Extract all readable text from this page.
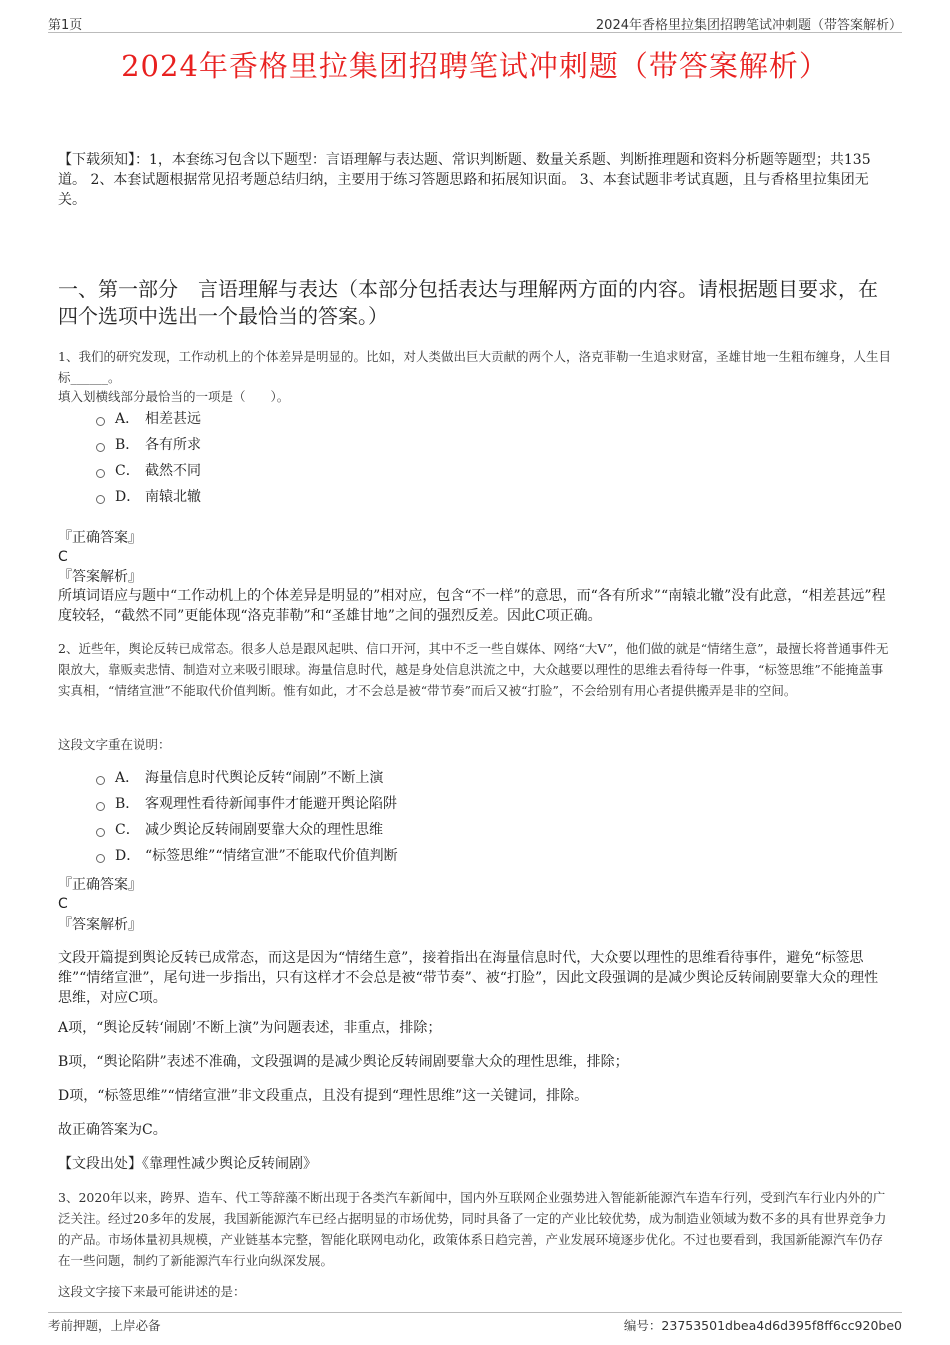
第1页	2024年香格里拉集团招聘笔试冲刺题（带答案解析）
2024年香格里拉集团招聘笔试冲刺题（带答案解析）
【下载须知】：1，本套练习包含以下题型：言语理解与表达题、常识判断题、数量关系题、判断推理题和资料分析题等题型；共135道。 2、本套试题根据常见招考题总结归纳，主要用于练习答题思路和拓展知识面。 3、本套试题非考试真题，且与香格里拉集团无关。
一、第一部分　言语理解与表达（本部分包括表达与理解两方面的内容。请根据题目要求，在四个选项中选出一个最恰当的答案。）
1、我们的研究发现，工作动机上的个体差异是明显的。比如，对人类做出巨大贡献的两个人，洛克菲勒一生追求财富，圣雄甘地一生粗布缠身，人生目标______。
填入划横线部分最恰当的一项是（　　）。
A． 相差甚远
B． 各有所求
C． 截然不同
D． 南辕北辙
『正确答案』
C
『答案解析』
所填词语应与题中“工作动机上的个体差异是明显的”相对应，包含“不一样”的意思，而“各有所求”“南辕北辙”没有此意，“相差甚远”程度较轻，“截然不同”更能体现“洛克菲勒”和“圣雄甘地”之间的强烈反差。因此C项正确。
2、近些年，舆论反转已成常态。很多人总是跟风起哄、信口开河，其中不乏一些自媒体、网络“大V”，他们做的就是“情绪生意”，最擅长将普通事件无限放大，靠贩卖悲情、制造对立来吸引眼球。海量信息时代，越是身处信息洪流之中，大众越要以理性的思维去看待每一件事，“标签思维”不能掩盖事实真相，“情绪宣泄”不能取代价值判断。惟有如此，才不会总是被“带节奏”而后又被“打脸”，不会给别有用心者提供搬弄是非的空间。
这段文字重在说明：
A． 海量信息时代舆论反转“闹剧”不断上演
B． 客观理性看待新闻事件才能避开舆论陷阱
C． 减少舆论反转闹剧要靠大众的理性思维
D． “标签思维”“情绪宣泄”不能取代价值判断
『正确答案』
C
『答案解析』
文段开篇提到舆论反转已成常态，而这是因为“情绪生意”，接着指出在海量信息时代，大众要以理性的思维看待事件，避免“标签思维”“情绪宣泄”，尾句进一步指出，只有这样才不会总是被“带节奏”、被“打脸”，因此文段强调的是减少舆论反转闹剧要靠大众的理性思维，对应C项。
A项，“舆论反转‘闹剧’不断上演”为问题表述，非重点，排除；
B项，“舆论陷阱”表述不准确，文段强调的是减少舆论反转闹剧要靠大众的理性思维，排除；
D项，“标签思维”“情绪宣泄”非文段重点，且没有提到“理性思维”这一关键词，排除。
故正确答案为C。
【文段出处】《靠理性减少舆论反转闹剧》
3、2020年以来，跨界、造车、代工等辞藻不断出现于各类汽车新闻中，国内外互联网企业强势进入智能新能源汽车造车行列，受到汽车行业内外的广泛关注。经过20多年的发展，我国新能源汽车已经占据明显的市场优势，同时具备了一定的产业比较优势，成为制造业领域为数不多的具有世界竞争力的产品。市场体量初具规模，产业链基本完整，智能化联网电动化，政策体系日趋完善，产业发展环境逐步优化。不过也要看到，我国新能源汽车仍存在一些问题，制约了新能源汽车行业向纵深发展。
这段文字接下来最可能讲述的是：
考前押题，上岸必备	编号：23753501dbea4d6d395f8ff6cc920be0
